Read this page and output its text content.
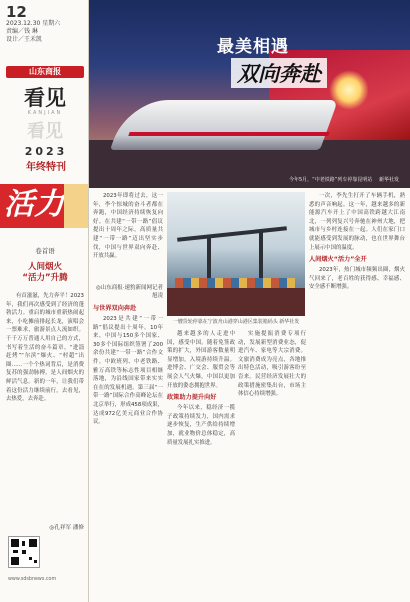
12
2023.12.30 星期六
责编／钱 琳
设计／王禾凯
山东商报
看见
KANJIAN
看见
2023
年终特刊
活力
卷首语
人间烟火
“活力”升腾
有首滋滋，先力奔平！2023年，我们再次感受到了经济的蓬勃活力。重启的城市重新热闹起来，小吃摊前排起长龙，演唱会一票难求，旅游景点人流如织。千千万万普通人用自己的方式，书写着生活的奋斗篇章。“进淄赶烤”“尔滨”爆火、“村超”出圈……一个个热词背后，是消费复苏的强劲脉搏，是人间烟火的鲜活气息。新的一年，让我们带着这份活力继续前行，去看见，去热爱，去奔赴。
◎孔祥军 潘修
www.sdsbnews.com
最美相遇
双向奔赴
今年5月，“中老铁路”列车停靠昆明站 新华社发

2023年即将过去，这一年，李个惊城的奋斗者都在奔跑，中国经济持续恢复向好。在共建“一带一路”倡议提出十周年之际，高质量共建“一带一路”迈出坚实步伐，中国与世界双向奔赴、开放共赢。

一艘货轮停靠在宁波舟山港穿山港区集装箱码头 新华社发
◎山东商报·速豹新闻网记者 旭凌
与世界双向奔赴

2023是共建“一带一路”倡议提出十周年。10年来，中国与150多个国家、30多个国际组织签署了200余份共建“一带一路”合作文件。中欧班列、中老铁路、雅万高铁等标志性项目相继落地，为沿线国家带来实实在在的发展机遇。第三届“一带一路”国际合作高峰论坛在北京举行，形成458项成果，达成972亿美元商业合作协议。

越来越多的人走进中国，感受中国。随着免签政策的扩大，外国游客数量明显增加，入境游持续升温。进博会、广交会、服贸会等展会人气火爆，中国以更加开放的姿态拥抱世界。

政策助力提升向好

今年以来，稳经济一揽子政策持续发力，国内需求逐步恢复，生产供给持续增加，就业物价总体稳定，高质量发展扎实推进。

实施提振消费专项行动，发展新型消费业态，促进汽车、家电等大宗消费。文旅消费成为亮点，各地推出特色活动，吸引游客纷至沓来。民营经济发展壮大的政策措施密集出台，市场主体信心持续增强。

一次，李先生打开了车辆手机，熟悉的声音响起。这一年，越来越多的新能源汽车开上了中国高铁跨越大江南北，一列列复兴号奔驰在神州大地，把城市与乡村连接在一起。人们在家门口就能感受到发展的脉动，也在世界舞台上展示中国的温度。

人间烟火“活力”全开

2023年，热门城市频频出圈，烟火气回来了，老百姓的获得感、幸福感、安全感不断增强。
